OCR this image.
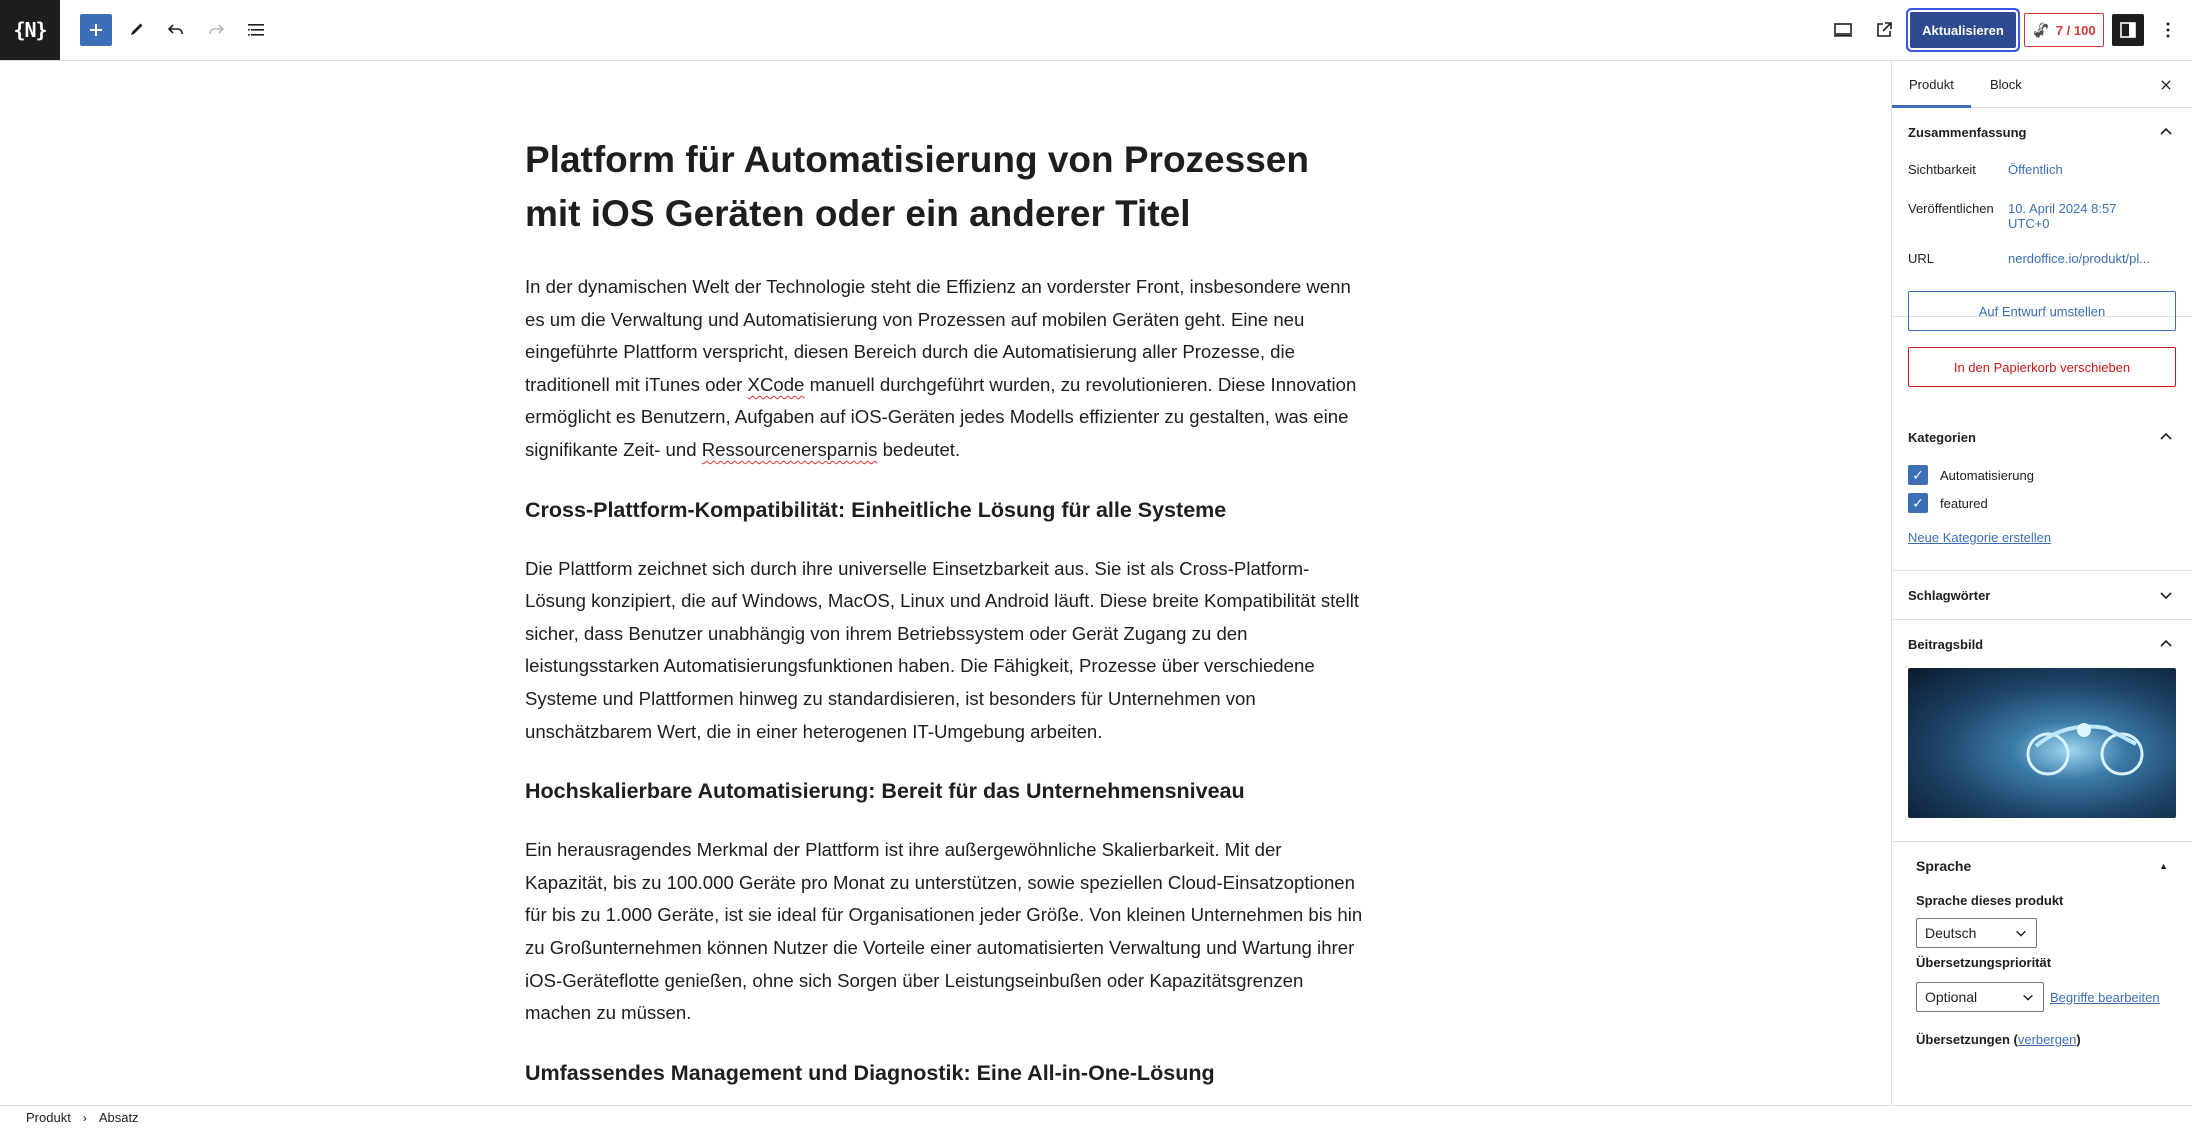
{N}	Aktualisieren	🦨 7 / 100
Platform für Automatisierung von Prozessen mit iOS Geräten oder ein anderer Titel

In der dynamischen Welt der Technologie steht die Effizienz an vorderster Front, insbesondere wenn es um die Verwaltung und Automatisierung von Prozessen auf mobilen Geräten geht. Eine neu eingeführte Plattform verspricht, diesen Bereich durch die Automatisierung aller Prozesse, die traditionell mit iTunes oder XCode manuell durchgeführt wurden, zu revolutionieren. Diese Innovation ermöglicht es Benutzern, Aufgaben auf iOS-Geräten jedes Modells effizienter zu gestalten, was eine signifikante Zeit- und Ressourcenersparnis bedeutet.

Cross-Plattform-Kompatibilität: Einheitliche Lösung für alle Systeme

Die Plattform zeichnet sich durch ihre universelle Einsetzbarkeit aus. Sie ist als Cross-Platform-Lösung konzipiert, die auf Windows, MacOS, Linux und Android läuft. Diese breite Kompatibilität stellt sicher, dass Benutzer unabhängig von ihrem Betriebssystem oder Gerät Zugang zu den leistungsstarken Automatisierungsfunktionen haben. Die Fähigkeit, Prozesse über verschiedene Systeme und Plattformen hinweg zu standardisieren, ist besonders für Unternehmen von unschätzbarem Wert, die in einer heterogenen IT-Umgebung arbeiten.

Hochskalierbare Automatisierung: Bereit für das Unternehmensniveau

Ein herausragendes Merkmal der Plattform ist ihre außergewöhnliche Skalierbarkeit. Mit der Kapazität, bis zu 100.000 Geräte pro Monat zu unterstützen, sowie speziellen Cloud-Einsatzoptionen für bis zu 1.000 Geräte, ist sie ideal für Organisationen jeder Größe. Von kleinen Unternehmen bis hin zu Großunternehmen können Nutzer die Vorteile einer automatisierten Verwaltung und Wartung ihrer iOS-Geräteflotte genießen, ohne sich Sorgen über Leistungseinbußen oder Kapazitätsgrenzen machen zu müssen.

Umfassendes Management und Diagnostik: Eine All-in-One-Lösung
Produkt	Block
Zusammenfassung
Sichtbarkeit	Öffentlich
Veröffentlichen	10. April 2024 8:57 UTC+0
URL	nerdoffice.io/produkt/pl...
Auf Entwurf umstellen
In den Papierkorb verschieben
Kategorien
✓	Automatisierung
✓	featured
Neue Kategorie erstellen
Schlagwörter
Beitragsbild
Sprache	▲
Sprache dieses produkt
Deutsch
Übersetzungspriorität
Optional	Begriffe bearbeiten
Übersetzungen (verbergen)
Produkt › Absatz
